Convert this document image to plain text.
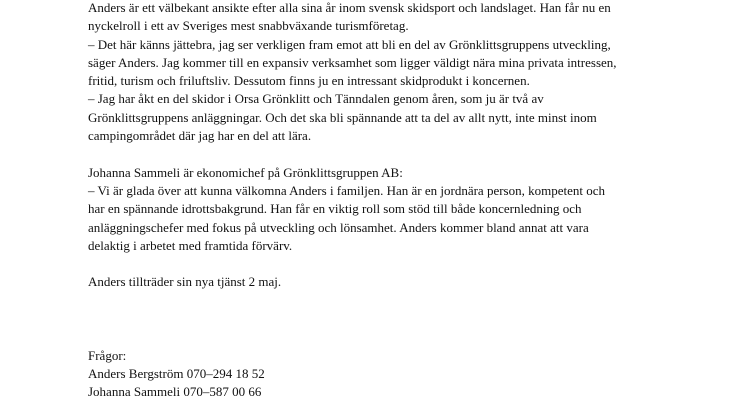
Anders är ett välbekant ansikte efter alla sina år inom svensk skidsport och landslaget. Han får nu en
nyckelroll i ett av Sveriges mest snabbväxande turismföretag.
– Det här känns jättebra, jag ser verkligen fram emot att bli en del av Grönklittsgruppens utveckling,
säger Anders. Jag kommer till en expansiv verksamhet som ligger väldigt nära mina privata intressen,
fritid, turism och friluftsliv. Dessutom finns ju en intressant skidprodukt i koncernen.
– Jag har åkt en del skidor i Orsa Grönklitt och Tänndalen genom åren, som ju är två av
Grönklittsgruppens anläggningar. Och det ska bli spännande att ta del av allt nytt, inte minst inom
campingområdet där jag har en del att lära.
Johanna Sammeli är ekonomichef på Grönklittsgruppen AB:
– Vi är glada över att kunna välkomna Anders i familjen. Han är en jordnära person, kompetent och
har en spännande idrottsbakgrund. Han får en viktig roll som stöd till både koncernledning och
anläggningschefer med fokus på utveckling och lönsamhet. Anders kommer bland annat att vara
delaktig i arbetet med framtida förvärv.
Anders tillträder sin nya tjänst 2 maj.
Frågor:
Anders Bergström 070–294 18 52
Johanna Sammeli 070–587 00 66
